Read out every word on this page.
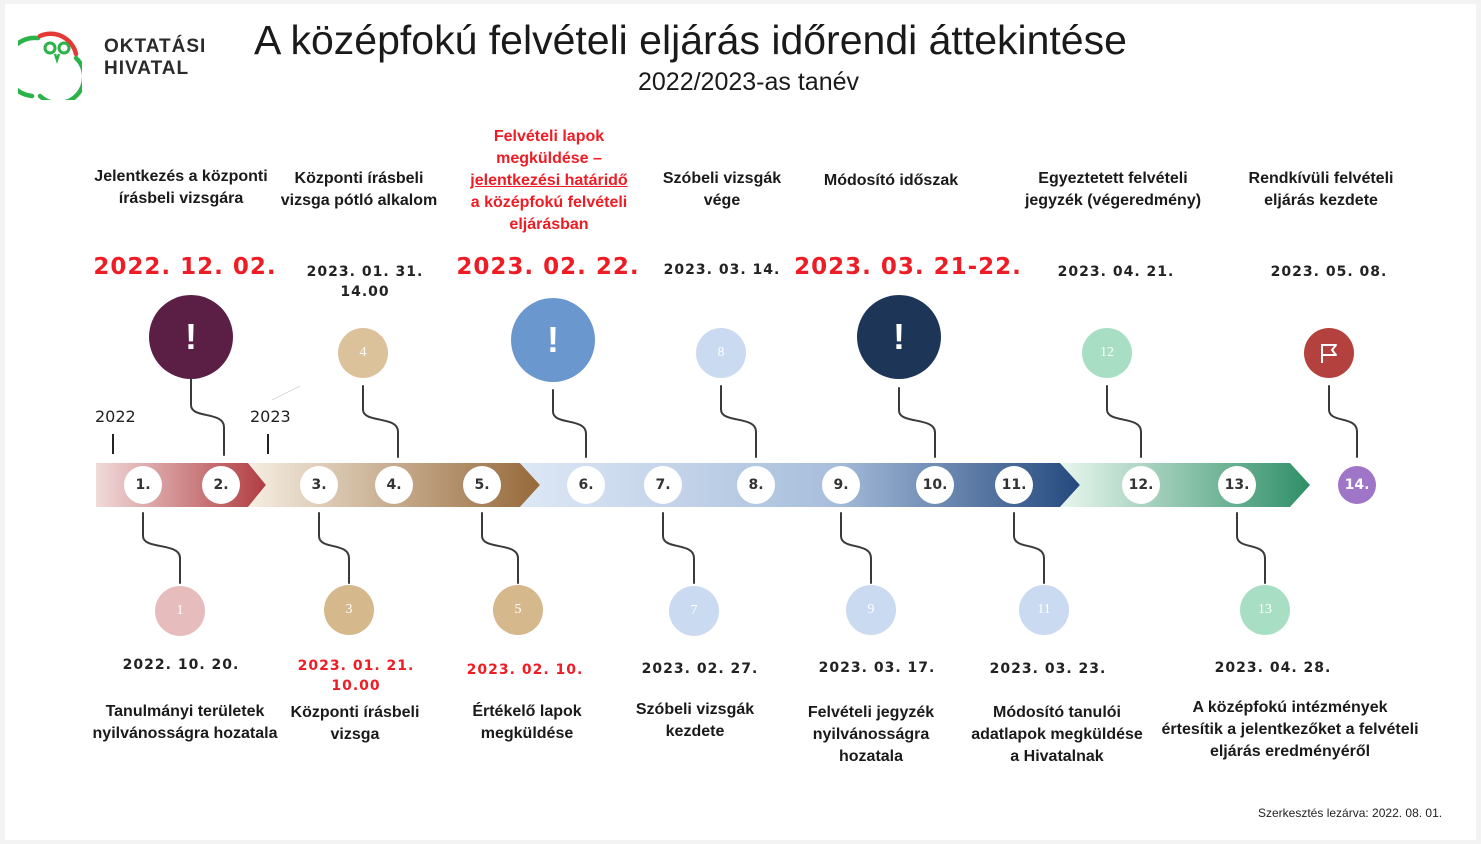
OKTATÁSI
HIVATAL
A középfokú felvételi eljárás időrendi áttekintése
2022/2023-as tanév
2022	2023
Jelentkezés a központi
írásbeli vizsgára
Központi írásbeli
vizsga pótló alkalom
Felvételi lapok
megküldése –
jelentkezési határidő
a középfokú felvételi
eljárásban
Szóbeli vizsgák
vége
Módosító időszak	Egyeztetett felvételi
jegyzék (végeredmény)
Rendkívüli felvételi
eljárás kezdete
2022. 12. 02. 2023. 01. 31.
14.00
2023. 02. 22. 2023. 03. 14. 2023. 03. 21-22.	2023. 04. 21.	2023. 05. 08.
!	4	!	8	!	12
1.	2.	3.	4.	5.	6.	7.	8.	9.	10.	11.	12.	13.	14.
1	3	5	7	9	11	13
2022. 10. 20.	2023. 01. 21.
10.00
2023. 02. 10.	2023. 02. 27.	2023. 03. 17.	2023. 03. 23.	2023. 04. 28.
Tanulmányi területek
nyilvánosságra hozatala
Központi írásbeli
vizsga
Értékelő lapok
megküldése
Szóbeli vizsgák
kezdete
Felvételi jegyzék
nyilvánosságra
hozatala
Módosító tanulói
adatlapok megküldése
a Hivatalnak
A középfokú intézmények
értesítik a jelentkezőket a felvételi
eljárás eredményéről
Szerkesztés lezárva: 2022. 08. 01.
